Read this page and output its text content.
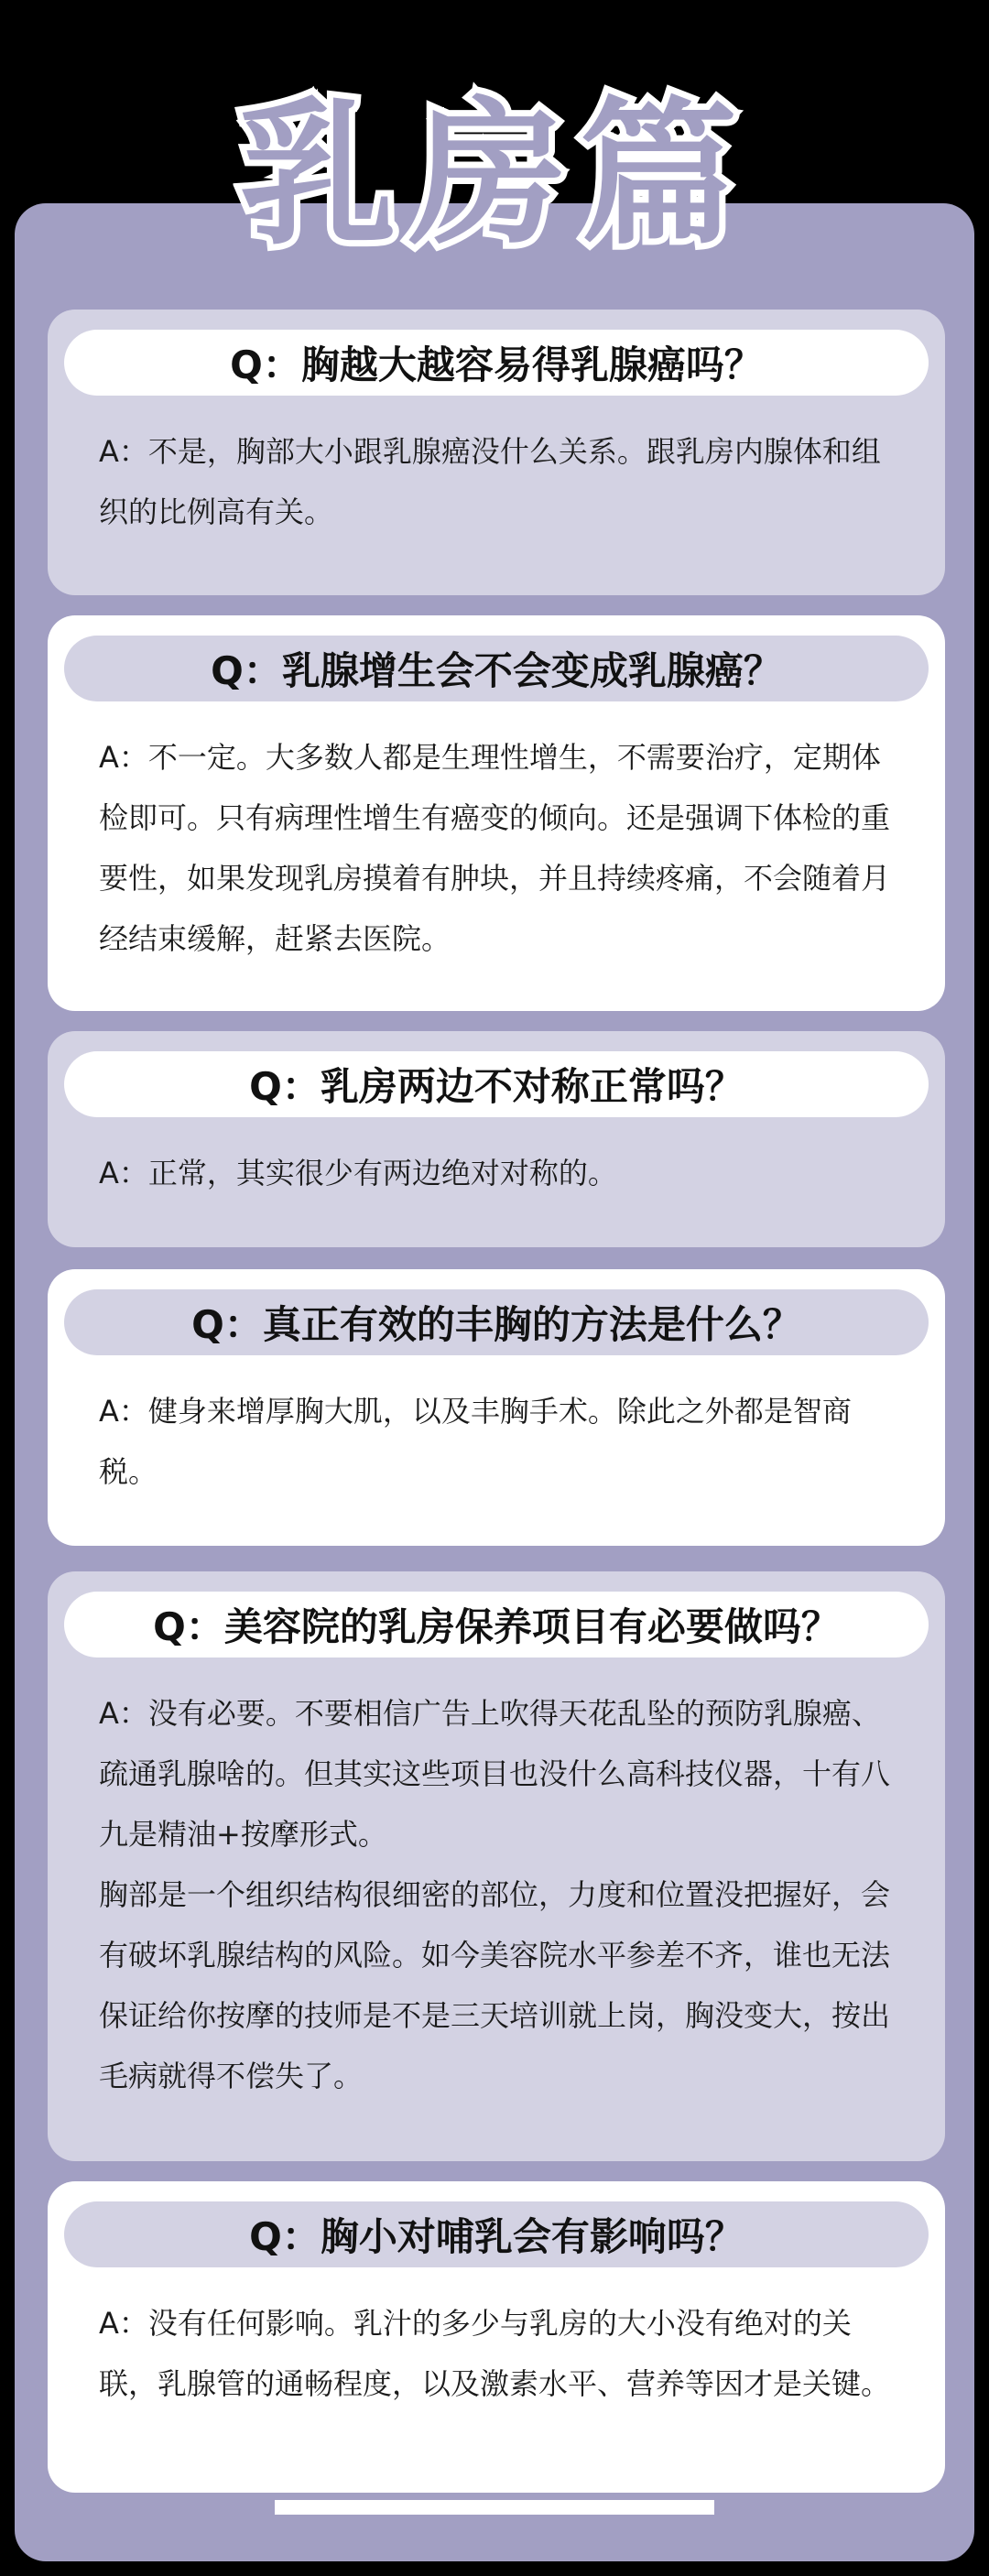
乳房篇
Q：胸越大越容易得乳腺癌吗？

A：不是，胸部大小跟乳腺癌没什么关系。跟乳房内腺体和组织的比例高有关。

Q：乳腺增生会不会变成乳腺癌？

A：不一定。大多数人都是生理性增生，不需要治疗，定期体检即可。只有病理性增生有癌变的倾向。还是强调下体检的重要性，如果发现乳房摸着有肿块，并且持续疼痛，不会随着月经结束缓解，赶紧去医院。

Q：乳房两边不对称正常吗？

A：正常，其实很少有两边绝对对称的。

Q：真正有效的丰胸的方法是什么？

A：健身来增厚胸大肌，以及丰胸手术。除此之外都是智商税。

Q：美容院的乳房保养项目有必要做吗？

A：没有必要。不要相信广告上吹得天花乱坠的预防乳腺癌、疏通乳腺啥的。但其实这些项目也没什么高科技仪器，十有八九是精油+按摩形式。

胸部是一个组织结构很细密的部位，力度和位置没把握好，会有破坏乳腺结构的风险。如今美容院水平参差不齐，谁也无法保证给你按摩的技师是不是三天培训就上岗，胸没变大，按出毛病就得不偿失了。

Q：胸小对哺乳会有影响吗？

A：没有任何影响。乳汁的多少与乳房的大小没有绝对的关联，乳腺管的通畅程度，以及激素水平、营养等因才是关键。
